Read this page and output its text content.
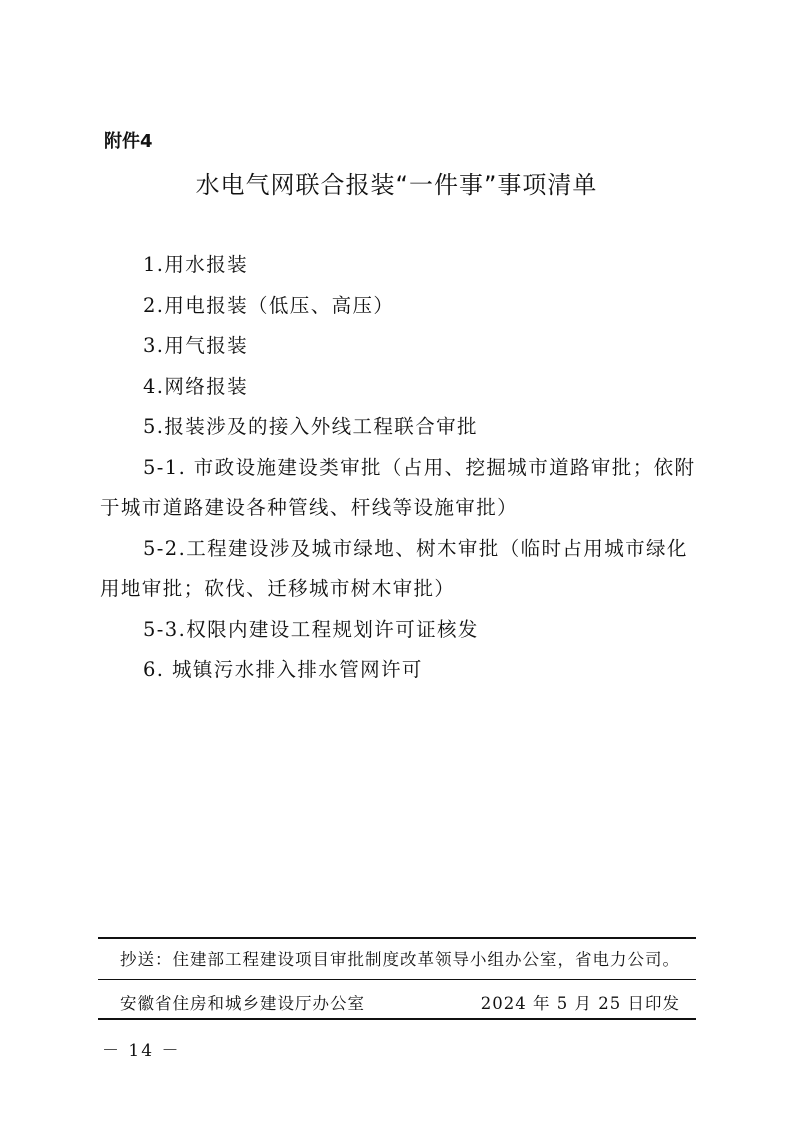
附件4
水电气网联合报装“一件事”事项清单
1.用水报装
2.用电报装（低压、高压）
3.用气报装
4.网络报装
5.报装涉及的接入外线工程联合审批
5-1. 市政设施建设类审批（占用、挖掘城市道路审批；依附于城市道路建设各种管线、杆线等设施审批）
5-2.工程建设涉及城市绿地、树木审批（临时占用城市绿化用地审批；砍伐、迁移城市树木审批）
5-3.权限内建设工程规划许可证核发
6. 城镇污水排入排水管网许可
抄送：住建部工程建设项目审批制度改革领导小组办公室，省电力公司。
安徽省住房和城乡建设厅办公室	2024 年 5 月 25 日印发
－ 14 －
